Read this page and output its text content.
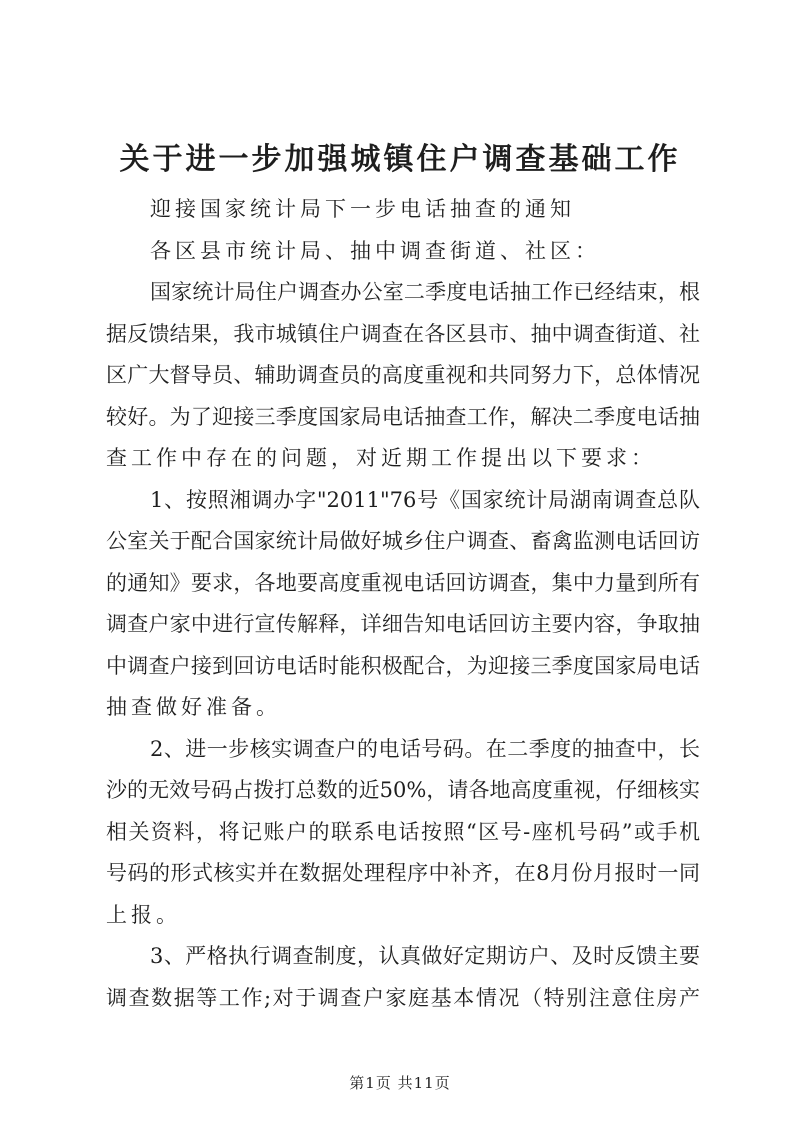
关于进一步加强城镇住户调查基础工作
迎接国家统计局下一步电话抽查的通知
各区县市统计局、抽中调查街道、社区：
国家统计局住户调查办公室二季度电话抽工作已经结束，根
据反馈结果，我市城镇住户调查在各区县市、抽中调查街道、社
区广大督导员、辅助调查员的高度重视和共同努力下，总体情况
较好。为了迎接三季度国家局电话抽查工作，解决二季度电话抽
查工作中存在的问题，对近期工作提出以下要求：
1、按照湘调办字"2011"76号《国家统计局湖南调查总队
公室关于配合国家统计局做好城乡住户调查、畜禽监测电话回访
的通知》要求，各地要高度重视电话回访调查，集中力量到所有
调查户家中进行宣传解释，详细告知电话回访主要内容，争取抽
中调查户接到回访电话时能积极配合，为迎接三季度国家局电话
抽查做好准备。
2、进一步核实调查户的电话号码。在二季度的抽查中，长
沙的无效号码占拨打总数的近50%，请各地高度重视，仔细核实
相关资料，将记账户的联系电话按照“区号-座机号码”或手机
号码的形式核实并在数据处理程序中补齐，在8月份月报时一同
上报。
3、严格执行调查制度，认真做好定期访户、及时反馈主要
调查数据等工作;对于调查户家庭基本情况（特别注意住房产
第1页 共11页
